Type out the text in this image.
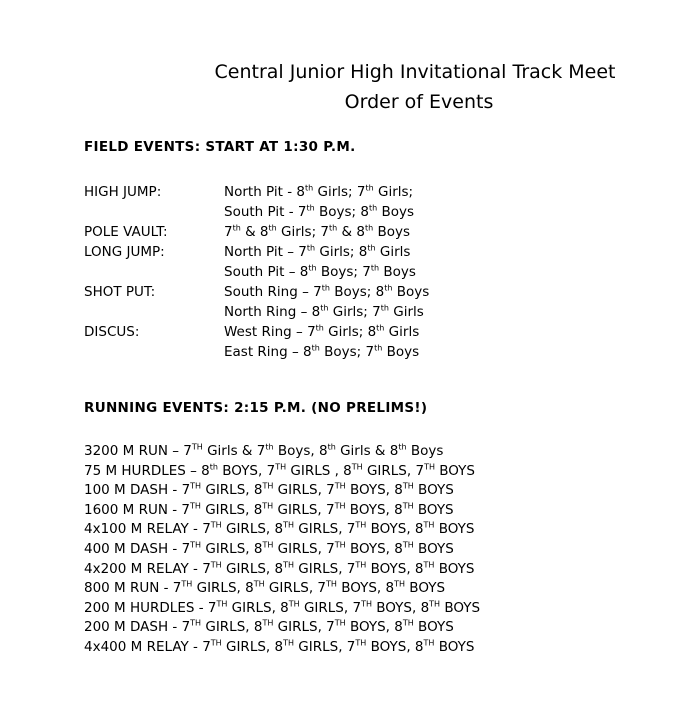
Central Junior High Invitational Track Meet
Order of Events
FIELD EVENTS: START AT 1:30 P.M.
HIGH JUMP:	North Pit - 8th Girls; 7th Girls;
South Pit - 7th Boys; 8th Boys
POLE VAULT:	7th & 8th Girls; 7th & 8th Boys
LONG JUMP:	North Pit – 7th Girls; 8th Girls
South Pit – 8th Boys; 7th Boys
SHOT PUT:	South Ring – 7th Boys; 8th Boys
North Ring – 8th Girls; 7th Girls
DISCUS:	West Ring – 7th Girls; 8th Girls
East Ring – 8th Boys; 7th Boys
RUNNING EVENTS: 2:15 P.M. (NO PRELIMS!)
3200 M RUN – 7TH Girls & 7th Boys, 8th Girls & 8th Boys
75 M HURDLES – 8th BOYS, 7TH GIRLS , 8TH GIRLS, 7TH BOYS
100 M DASH - 7TH GIRLS, 8TH GIRLS, 7TH BOYS, 8TH BOYS
1600 M RUN - 7TH GIRLS, 8TH GIRLS, 7TH BOYS, 8TH BOYS
4x100 M RELAY - 7TH GIRLS, 8TH GIRLS, 7TH BOYS, 8TH BOYS
400 M DASH - 7TH GIRLS, 8TH GIRLS, 7TH BOYS, 8TH BOYS
4x200 M RELAY - 7TH GIRLS, 8TH GIRLS, 7TH BOYS, 8TH BOYS
800 M RUN - 7TH GIRLS, 8TH GIRLS, 7TH BOYS, 8TH BOYS
200 M HURDLES - 7TH GIRLS, 8TH GIRLS, 7TH BOYS, 8TH BOYS
200 M DASH - 7TH GIRLS, 8TH GIRLS, 7TH BOYS, 8TH BOYS
4x400 M RELAY - 7TH GIRLS, 8TH GIRLS, 7TH BOYS, 8TH BOYS
